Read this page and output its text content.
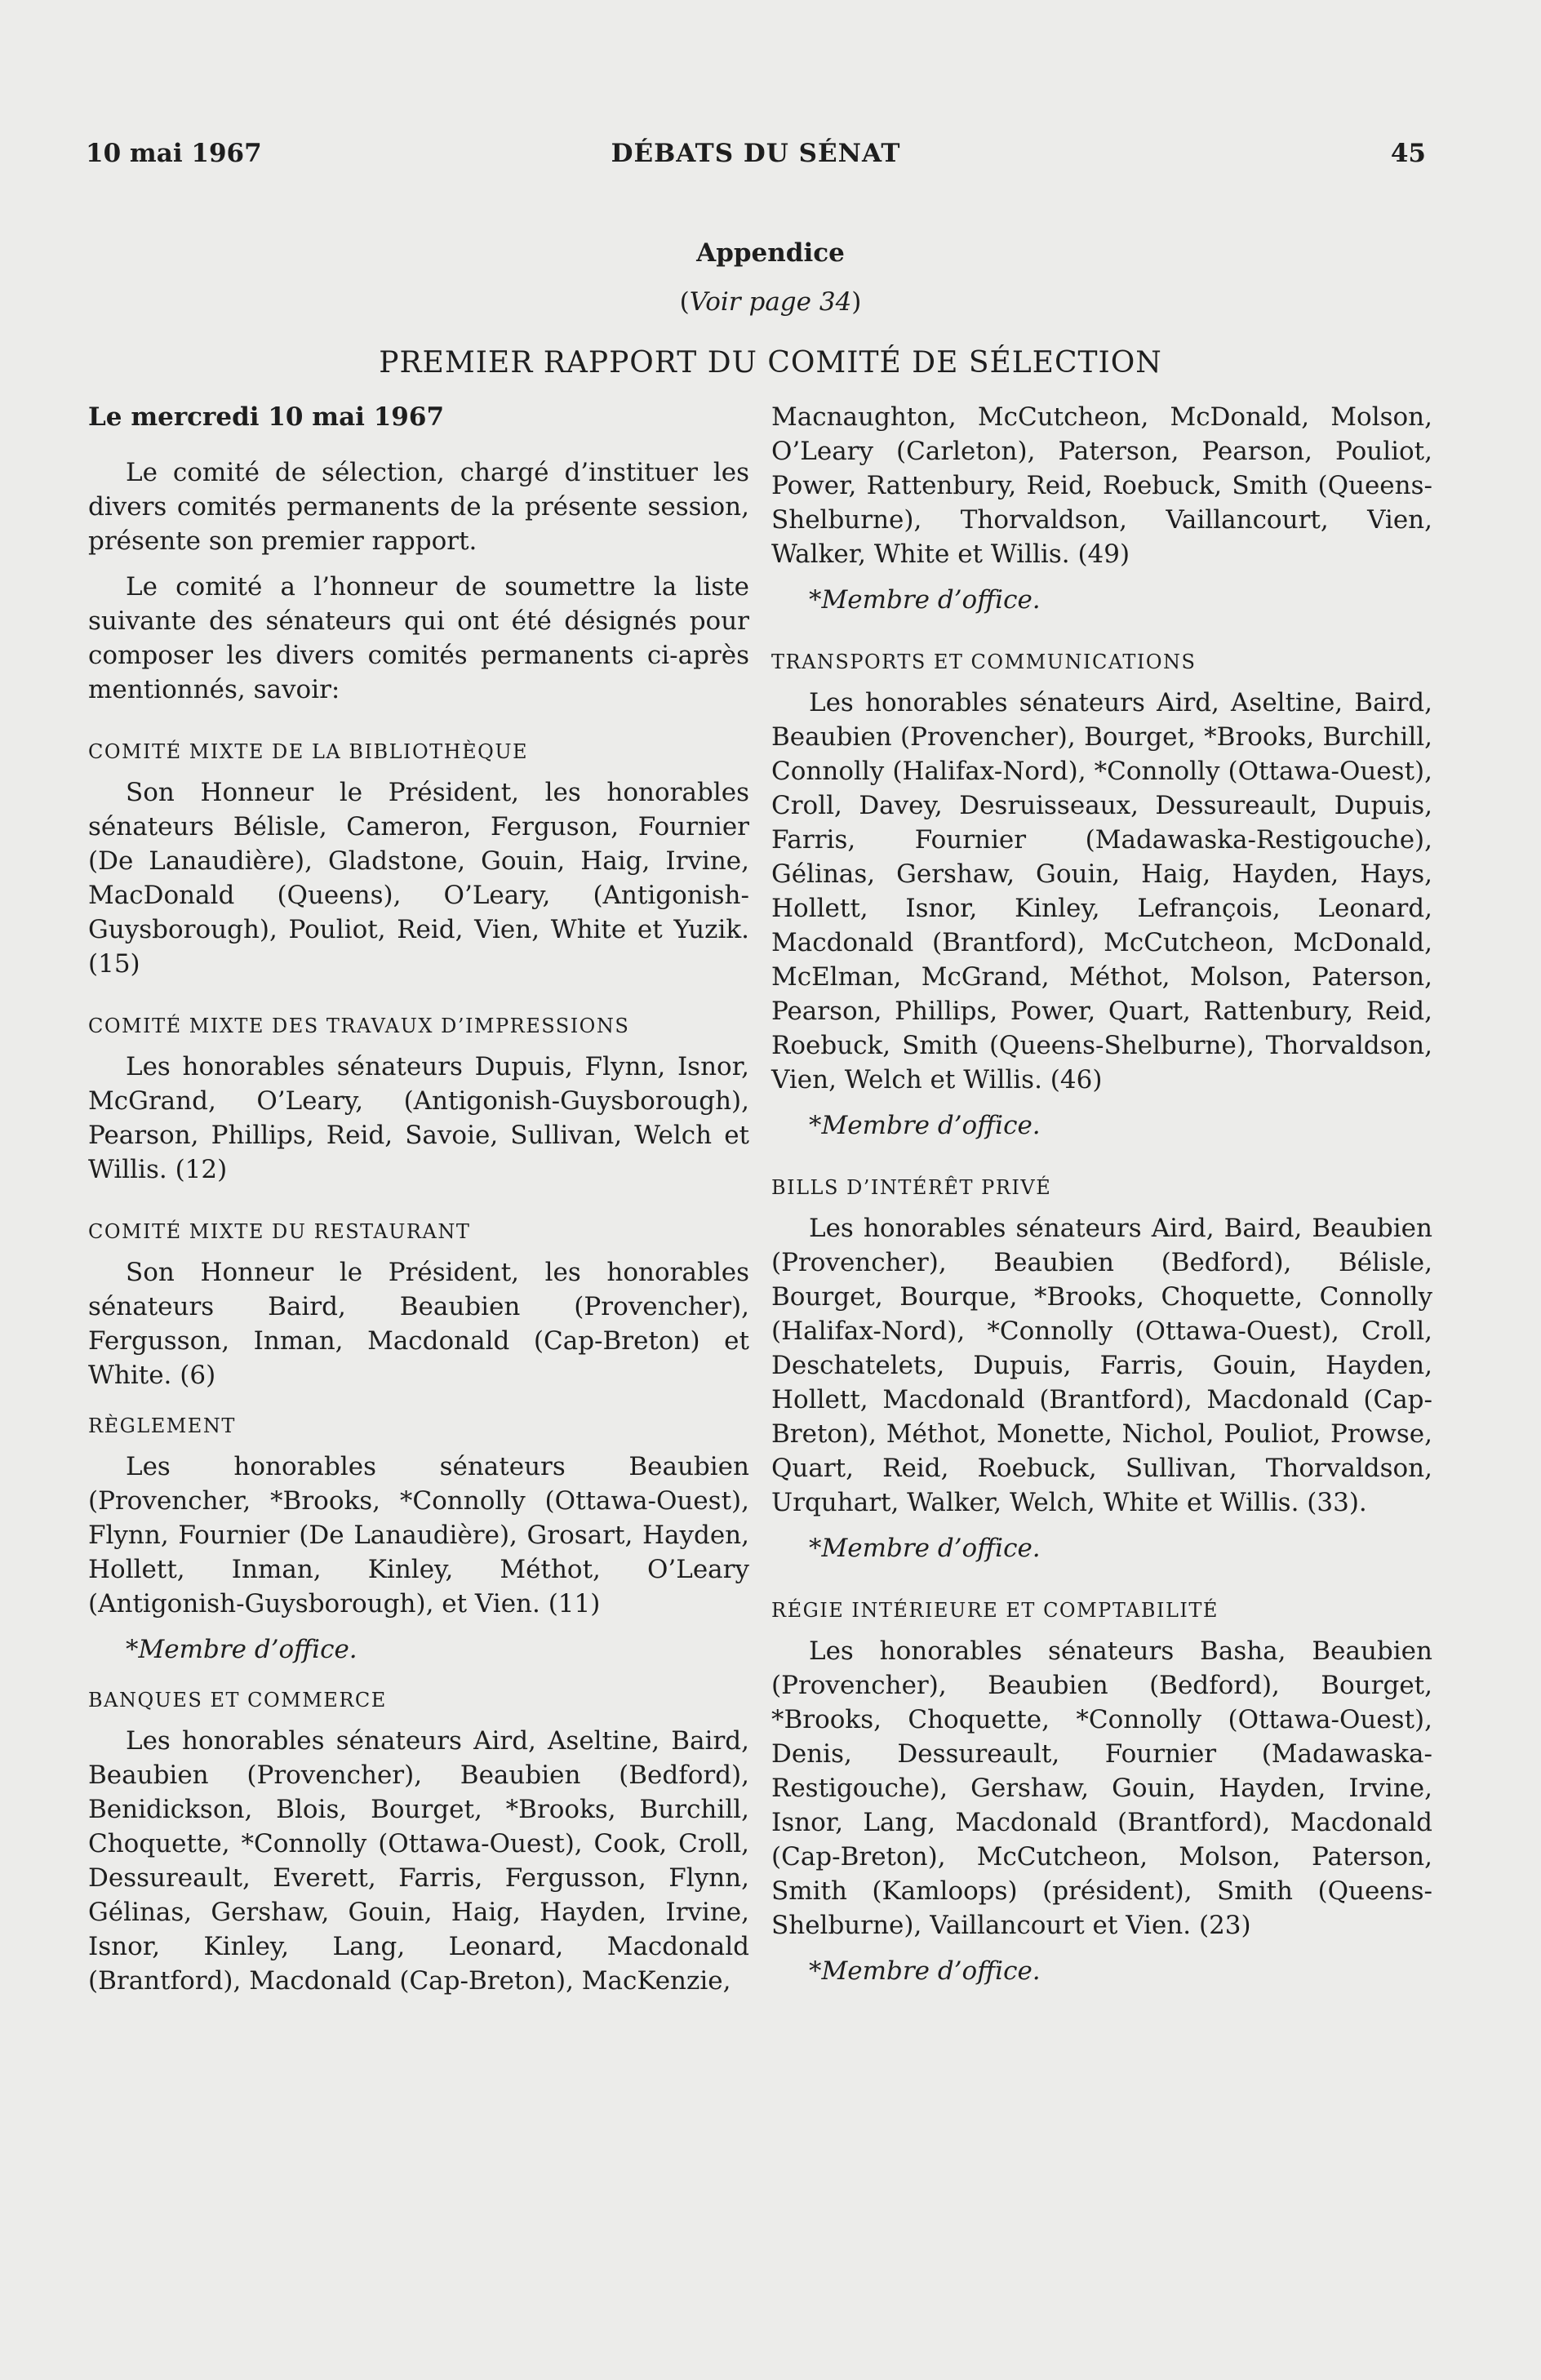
10 mai 1967	DÉBATS DU SÉNAT	45
Appendice
(Voir page 34)
PREMIER RAPPORT DU COMITÉ DE SÉLECTION

Le mercredi 10 mai 1967

Le comité de sélection, chargé d’instituer les divers comités permanents de la présente session, présente son premier rapport.

Le comité a l’honneur de soumettre la liste suivante des sénateurs qui ont été désignés pour composer les divers comités permanents ci-après mentionnés, savoir:

COMITÉ MIXTE DE LA BIBLIOTHÈQUE

Son Honneur le Président, les honorables sénateurs Bélisle, Cameron, Ferguson, Fournier (De Lanaudière), Gladstone, Gouin, Haig, Irvine, MacDonald (Queens), O’Leary, (Antigonish-Guysborough), Pouliot, Reid, Vien, White et Yuzik. (15)

COMITÉ MIXTE DES TRAVAUX D’IMPRESSIONS

Les honorables sénateurs Dupuis, Flynn, Isnor, McGrand, O’Leary, (Antigonish-Guysborough), Pearson, Phillips, Reid, Savoie, Sullivan, Welch et Willis. (12)

COMITÉ MIXTE DU RESTAURANT

Son Honneur le Président, les honorables sénateurs Baird, Beaubien (Provencher), Fergusson, Inman, Macdonald (Cap-Breton) et White. (6)

RÈGLEMENT

Les honorables sénateurs Beaubien (Provencher, *Brooks, *Connolly (Ottawa-Ouest), Flynn, Fournier (De Lanaudière), Grosart, Hayden, Hollett, Inman, Kinley, Méthot, O’Leary (Antigonish-Guysborough), et Vien. (11)

*Membre d’office.

BANQUES ET COMMERCE

Les honorables sénateurs Aird, Aseltine, Baird, Beaubien (Provencher), Beaubien (Bedford), Benidickson, Blois, Bourget, *Brooks, Burchill, Choquette, *Connolly (Ottawa-Ouest), Cook, Croll, Dessureault, Everett, Farris, Fergusson, Flynn, Gélinas, Gershaw, Gouin, Haig, Hayden, Irvine, Isnor, Kinley, Lang, Leonard, Macdonald (Brantford), Macdonald (Cap-Breton), MacKenzie,

Macnaughton, McCutcheon, McDonald, Molson, O’Leary (Carleton), Paterson, Pearson, Pouliot, Power, Rattenbury, Reid, Roebuck, Smith (Queens-Shelburne), Thorvaldson, Vaillancourt, Vien, Walker, White et Willis. (49)

*Membre d’office.

TRANSPORTS ET COMMUNICATIONS

Les honorables sénateurs Aird, Aseltine, Baird, Beaubien (Provencher), Bourget, *Brooks, Burchill, Connolly (Halifax-Nord), *Connolly (Ottawa-Ouest), Croll, Davey, Desruisseaux, Dessureault, Dupuis, Farris, Fournier (Madawaska-Restigouche), Gélinas, Gershaw, Gouin, Haig, Hayden, Hays, Hollett, Isnor, Kinley, Lefrançois, Leonard, Macdonald (Brantford), McCutcheon, McDonald, McElman, McGrand, Méthot, Molson, Paterson, Pearson, Phillips, Power, Quart, Rattenbury, Reid, Roebuck, Smith (Queens-Shelburne), Thorvaldson, Vien, Welch et Willis. (46)

*Membre d’office.

BILLS D’INTÉRÊT PRIVÉ

Les honorables sénateurs Aird, Baird, Beaubien (Provencher), Beaubien (Bedford), Bélisle, Bourget, Bourque, *Brooks, Choquette, Connolly (Halifax-Nord), *Connolly (Ottawa-Ouest), Croll, Deschatelets, Dupuis, Farris, Gouin, Hayden, Hollett, Macdonald (Brantford), Macdonald (Cap-Breton), Méthot, Monette, Nichol, Pouliot, Prowse, Quart, Reid, Roebuck, Sullivan, Thorvaldson, Urquhart, Walker, Welch, White et Willis. (33).

*Membre d’office.

RÉGIE INTÉRIEURE ET COMPTABILITÉ

Les honorables sénateurs Basha, Beaubien (Provencher), Beaubien (Bedford), Bourget, *Brooks, Choquette, *Connolly (Ottawa-Ouest), Denis, Dessureault, Fournier (Madawaska-Restigouche), Gershaw, Gouin, Hayden, Irvine, Isnor, Lang, Macdonald (Brantford), Macdonald (Cap-Breton), McCutcheon, Molson, Paterson, Smith (Kamloops) (président), Smith (Queens-Shelburne), Vaillancourt et Vien. (23)

*Membre d’office.
